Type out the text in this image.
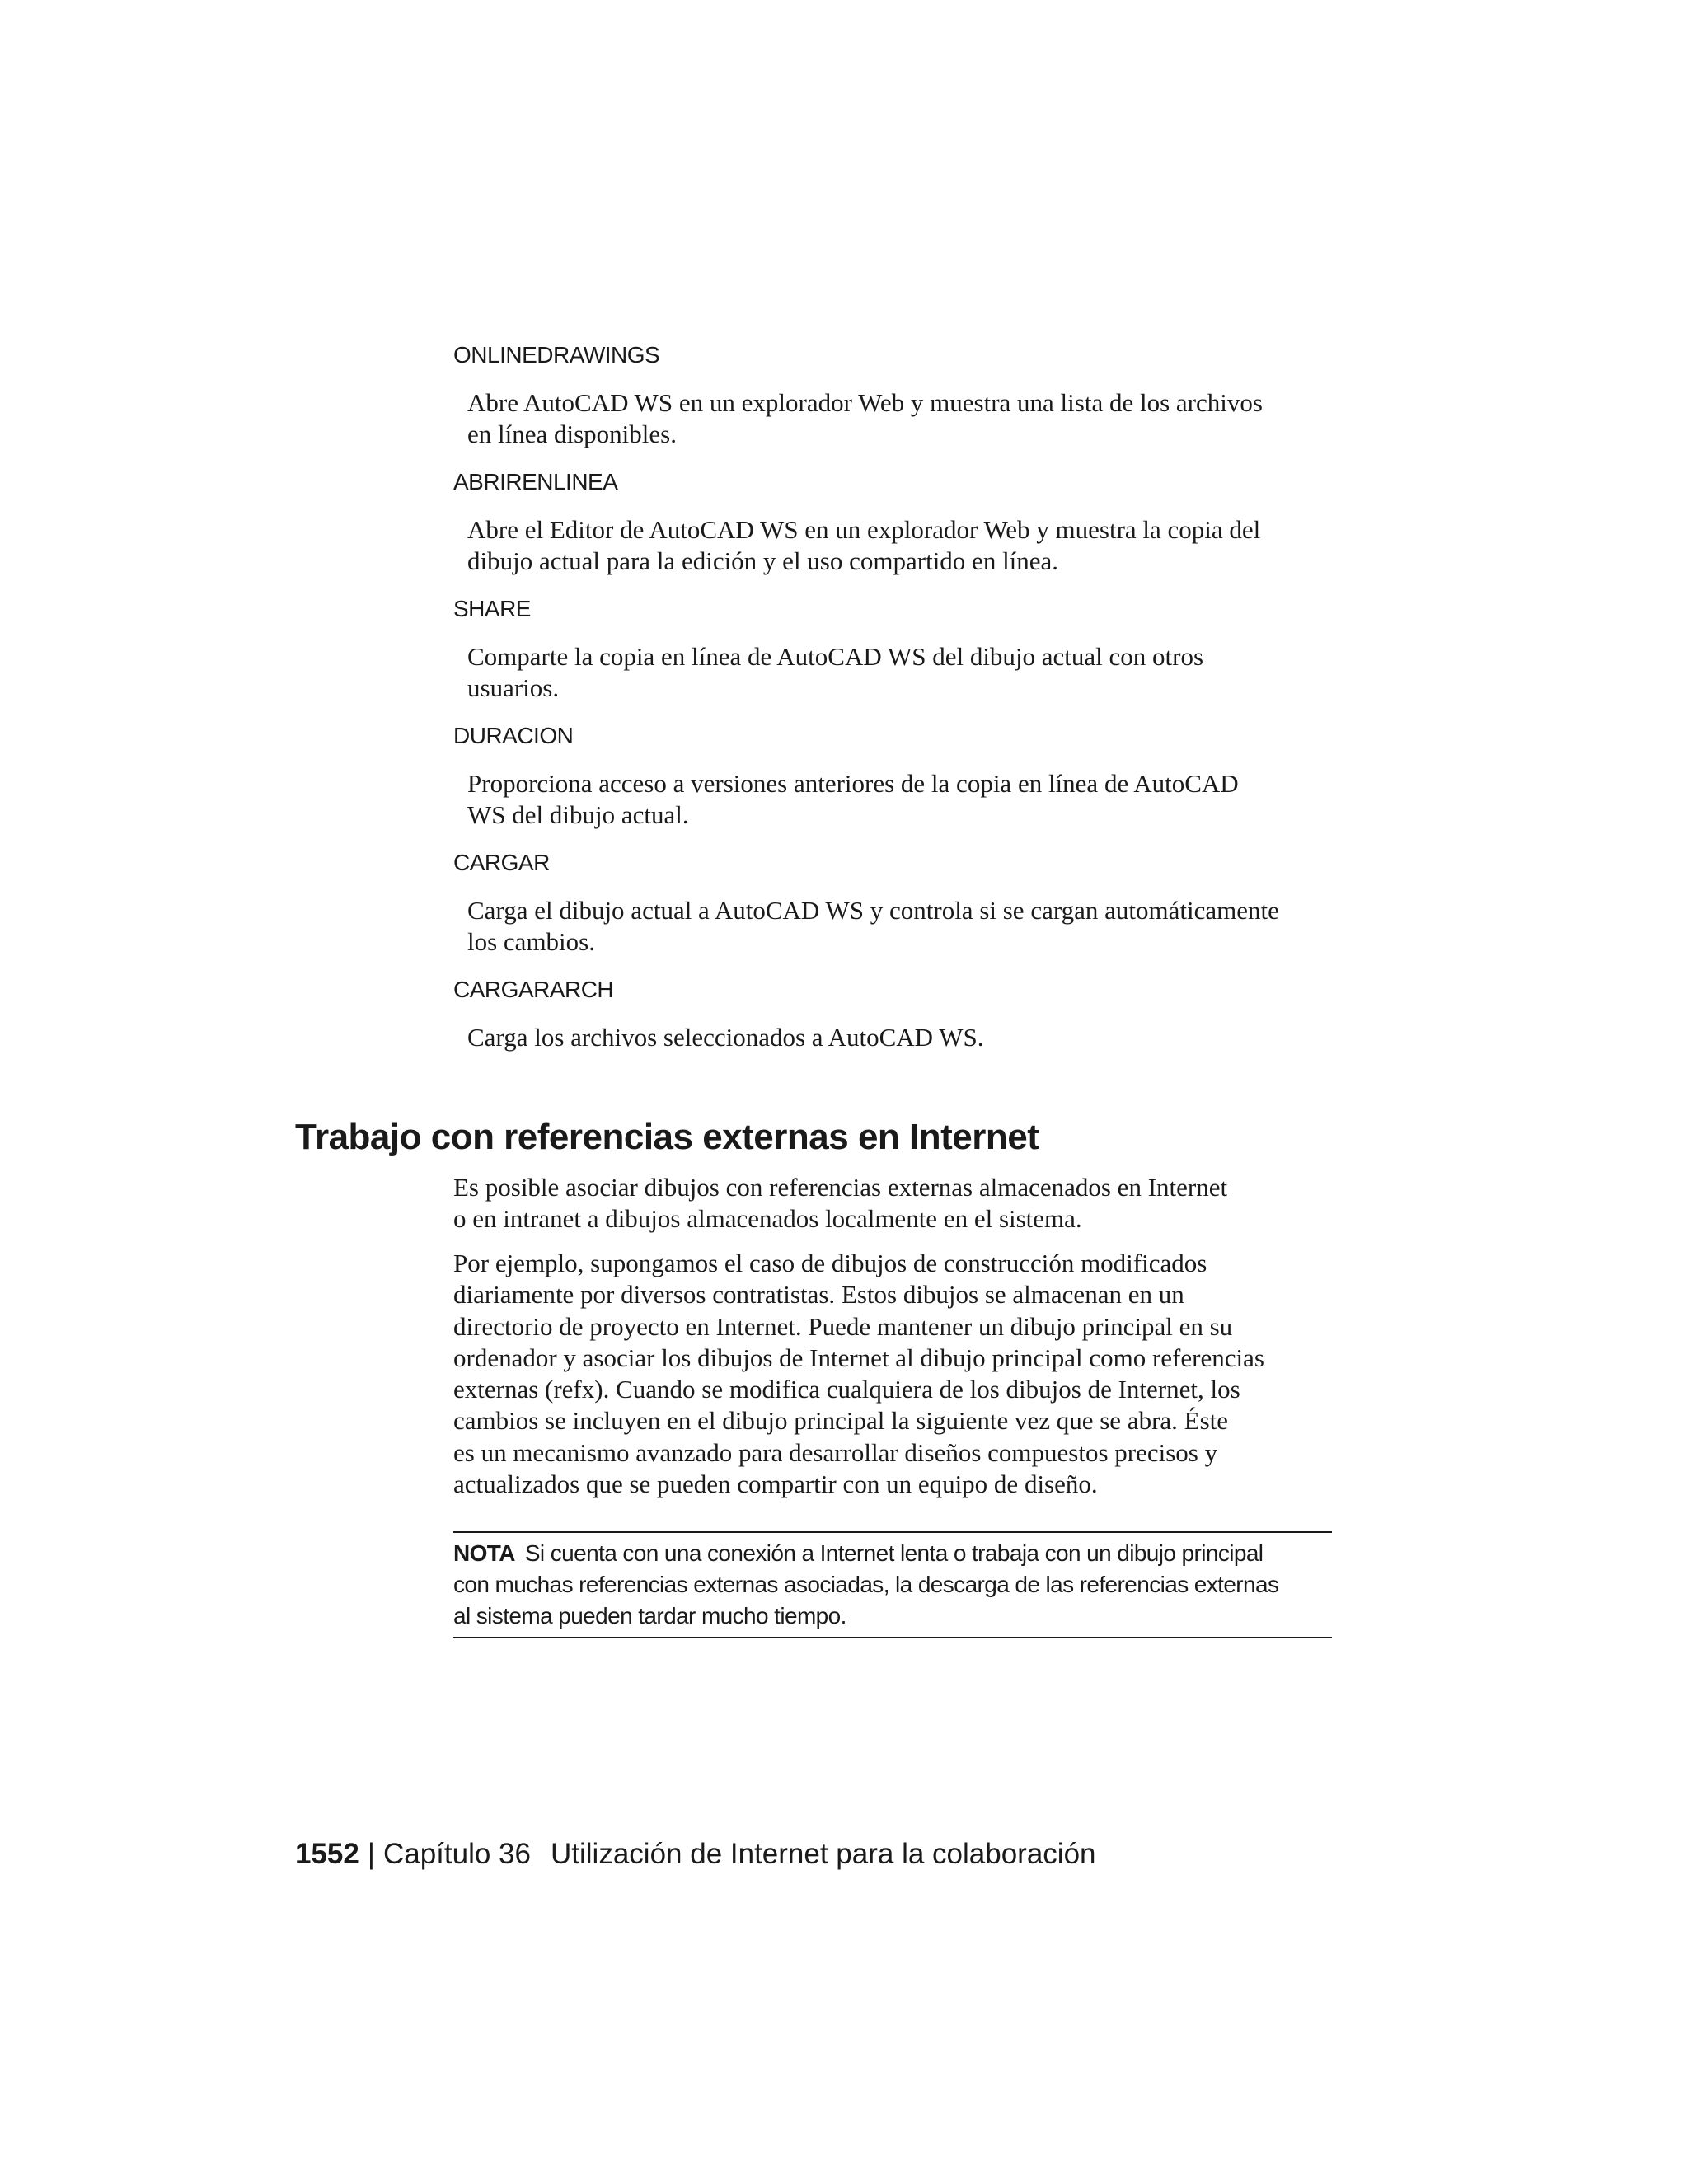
ONLINEDRAWINGS

Abre AutoCAD WS en un explorador Web y muestra una lista de los archivos
en línea disponibles.

ABRIRENLINEA

Abre el Editor de AutoCAD WS en un explorador Web y muestra la copia del
dibujo actual para la edición y el uso compartido en línea.

SHARE

Comparte la copia en línea de AutoCAD WS del dibujo actual con otros
usuarios.

DURACION

Proporciona acceso a versiones anteriores de la copia en línea de AutoCAD
WS del dibujo actual.

CARGAR

Carga el dibujo actual a AutoCAD WS y controla si se cargan automáticamente
los cambios.

CARGARARCH

Carga los archivos seleccionados a AutoCAD WS.

Trabajo con referencias externas en Internet

Es posible asociar dibujos con referencias externas almacenados en Internet
o en intranet a dibujos almacenados localmente en el sistema.

Por ejemplo, supongamos el caso de dibujos de construcción modificados
diariamente por diversos contratistas. Estos dibujos se almacenan en un
directorio de proyecto en Internet. Puede mantener un dibujo principal en su
ordenador y asociar los dibujos de Internet al dibujo principal como referencias
externas (refx). Cuando se modifica cualquiera de los dibujos de Internet, los
cambios se incluyen en el dibujo principal la siguiente vez que se abra. Éste
es un mecanismo avanzado para desarrollar diseños compuestos precisos y
actualizados que se pueden compartir con un equipo de diseño.

NOTA Si cuenta con una conexión a Internet lenta o trabaja con un dibujo principal
con muchas referencias externas asociadas, la descarga de las referencias externas
al sistema pueden tardar mucho tiempo.

1552 | Capítulo 36 Utilización de Internet para la colaboración
